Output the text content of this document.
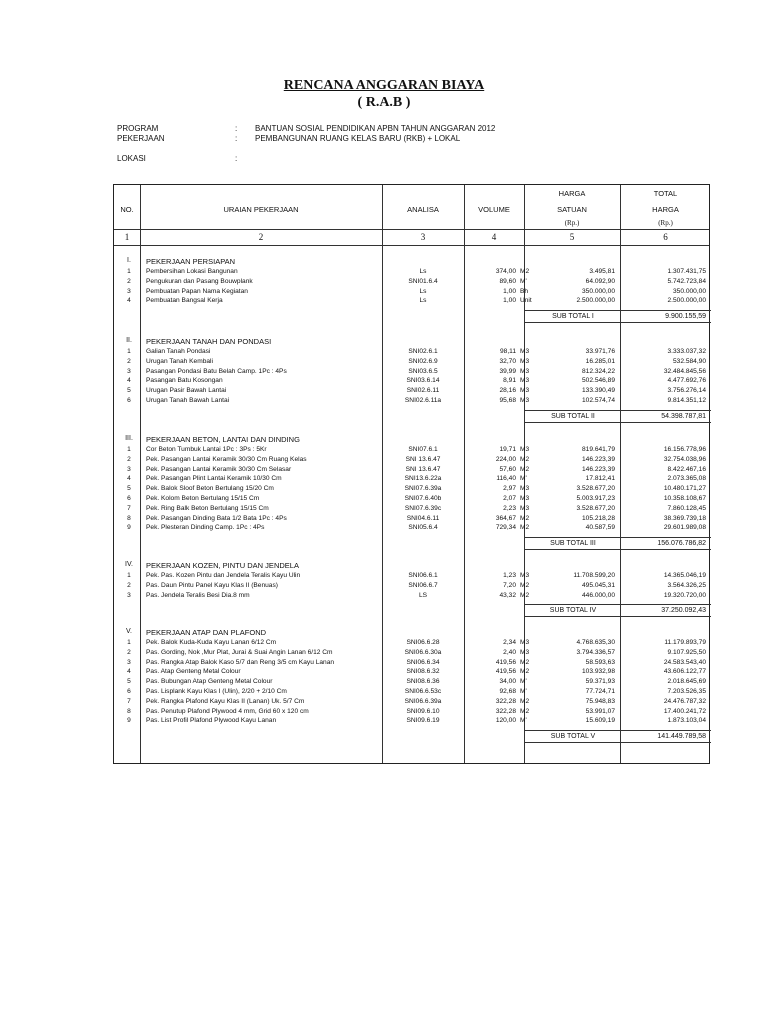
RENCANA ANGGARAN BIAYA
( R.A.B )
PROGRAM	: BANTUAN SOSIAL PENDIDIKAN APBN TAHUN ANGGARAN 2012
PEKERJAAN	: PEMBANGUNAN RUANG KELAS BARU (RKB) + LOKAL
LOKASI	:
NO.	URAIAN PEKERJAAN	ANALISA	VOLUME
HARGA
SATUAN
(Rp.)
TOTAL
HARGA
(Rp.)
1	2	3	4	5	6
I.	PEKERJAAN PERSIAPAN
1	Pembersihan Lokasi Bangunan	Ls	374,00 M2	3.495,81	1.307.431,75
2	Pengukuran dan Pasang Bouwplank	SNI01.6.4	89,60 M'	64.092,90	5.742.723,84
3	Pembuatan Papan Nama Kegiatan	Ls	1,00 Bh	350.000,00	350.000,00
4	Pembuatan Bangsal Kerja	Ls	1,00 Unit	2.500.000,00	2.500.000,00
SUB TOTAL I	9.900.155,59
II.	PEKERJAAN TANAH DAN PONDASI
1	Galian Tanah Pondasi	SNI02.6.1	98,11 M3	33.971,76	3.333.037,32
2	Urugan Tanah Kembali	SNI02.6.9	32,70 M3	16.285,01	532.584,90
3	Pasangan Pondasi Batu Belah Camp. 1Pc : 4Ps	SNI03.6.5	39,99 M3	812.324,22	32.484.845,56
4	Pasangan Batu Kosongan	SNI03.6.14	8,91 M3	502.546,89	4.477.692,76
5	Urugan Pasir Bawah Lantai	SNI02.6.11	28,16 M3	133.390,49	3.756.276,14
6	Urugan Tanah Bawah Lantai	SNI02.6.11a	95,68 M3	102.574,74	9.814.351,12
SUB TOTAL II	54.398.787,81
III.	PEKERJAAN BETON, LANTAI DAN DINDING
1	Cor Beton Tumbuk Lantai 1Pc : 3Ps : 5Kr	SNI07.6.1	19,71 M3	819.641,79	16.156.778,96
2	Pek. Pasangan Lantai Keramik 30/30 Cm Ruang Kelas	SNI 13.6.47	224,00 M2	146.223,39	32.754.038,96
3	Pek. Pasangan Lantai Keramik 30/30 Cm Selasar	SNI 13.6.47	57,60 M2	146.223,39	8.422.467,16
4	Pek. Pasangan Plint Lantai Keramik 10/30 Cm	SNI13.6.22a	116,40 M'	17.812,41	2.073.365,08
5	Pek. Balok Sloof Beton Bertulang 15/20 Cm	SNI07.6.39a	2,97 M3	3.528.677,20	10.480.171,27
6	Pek. Kolom Beton Bertulang 15/15 Cm	SNI07.6.40b	2,07 M3	5.003.917,23	10.358.108,67
7	Pek. Ring Balk Beton Bertulang 15/15 Cm	SNI07.6.39c	2,23 M3	3.528.677,20	7.860.128,45
8	Pek. Pasangan Dinding Bata 1/2 Bata 1Pc : 4Ps	SNI04.6.11	364,67 M2	105.218,28	38.369.739,18
9	Pek. Plesteran Dinding Camp. 1Pc : 4Ps	SNI05.6.4	729,34 M2	40.587,59	29.601.989,08
SUB TOTAL III	156.076.786,82
IV.	PEKERJAAN KOZEN, PINTU DAN JENDELA
1	Pek. Pas. Kozen Pintu dan Jendela Teralis Kayu Ulin	SNI06.6.1	1,23 M3	11.708.599,20	14.365.046,19
2	Pas. Daun Pintu Panel Kayu Klas II (Benuas)	SNI06.6.7	7,20 M2	495.045,31	3.564.326,25
3	Pas. Jendela Teralis Besi Dia.8 mm	LS	43,32 M2	446.000,00	19.320.720,00
SUB TOTAL IV	37.250.092,43
V.	PEKERJAAN ATAP DAN PLAFOND
1	Pek. Balok Kuda-Kuda Kayu Lanan 6/12 Cm	SNI06.6.28	2,34 M3	4.768.635,30	11.179.893,79
2	Pas. Gording, Nok ,Mur Plat, Jurai & Suai Angin Lanan 6/12 Cm	SNI06.6.30a	2,40 M3	3.794.336,57	9.107.925,50
3	Pas. Rangka Atap Balok Kaso 5/7 dan Reng 3/5 cm Kayu Lanan	SNI06.6.34	419,56 M2	58.593,63	24.583.543,40
4	Pas. Atap Genteng Metal Colour	SNI08.6.32	419,56 M2	103.932,98	43.606.122,77
5	Pas. Bubungan Atap Genteng Metal Colour	SNI08.6.36	34,00 M'	59.371,93	2.018.645,69
6	Pas. Lisplank Kayu Klas I (Ulin), 2/20 + 2/10 Cm	SNI06.6.53c	92,68 M'	77.724,71	7.203.526,35
7	Pek. Rangka Plafond Kayu Klas II (Lanan) Uk. 5/7 Cm	SNI06.6.39a	322,28 M2	75.948,83	24.476.787,32
8	Pas. Penutup Plafond Plywood 4 mm, Grid 60 x 120 cm	SNI09.6.10	322,28 M2	53.991,07	17.400.241,72
9	Pas. List Profil Plafond Plywood Kayu Lanan	SNI09.6.19	120,00 M'	15.609,19	1.873.103,04
SUB TOTAL V	141.449.789,58
